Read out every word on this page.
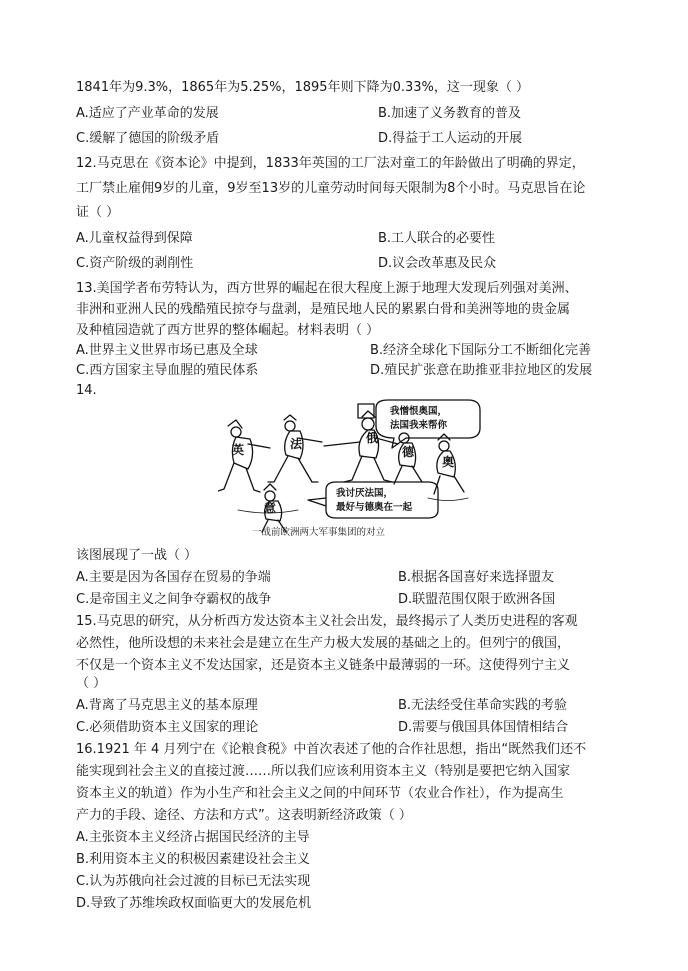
1841年为9.3%，1865年为5.25%，1895年则下降为0.33%，这一现象（ ）
A.适应了产业革命的发展	B.加速了义务教育的普及
C.缓解了德国的阶级矛盾	D.得益于工人运动的开展
12.马克思在《资本论》中提到，1833年英国的工厂法对童工的年龄做出了明确的界定，
工厂禁止雇佣9岁的儿童，9岁至13岁的儿童劳动时间每天限制为8个小时。马克思旨在论
证（ ）
A.儿童权益得到保障	B.工人联合的必要性
C.资产阶级的剥削性	D.议会改革惠及民众
13.美国学者布劳特认为，西方世界的崛起在很大程度上源于地理大发现后列强对美洲、
非洲和亚洲人民的残酷殖民掠夺与盘剥，是殖民地人民的累累白骨和美洲等地的贵金属
及种植园造就了西方世界的整体崛起。材料表明（ ）
A.世界主义世界市场已惠及全球	B.经济全球化下国际分工不断细化完善
C.西方国家主导血腥的殖民体系	D.殖民扩张意在助推亚非拉地区的发展
14.
英	法	俄
德
奥
意
我憎恨奥国，
法国我来帮你
我讨厌法国，
最好与德奥在一起
一战前欧洲两大军事集团的对立
该图展现了一战（ ）
A.主要是因为各国存在贸易的争端	B.根据各国喜好来选择盟友
C.是帝国主义之间争夺霸权的战争	D.联盟范围仅限于欧洲各国
15.马克思的研究，从分析西方发达资本主义社会出发，最终揭示了人类历史进程的客观
必然性，他所设想的未来社会是建立在生产力极大发展的基础之上的。但列宁的俄国，
不仅是一个资本主义不发达国家，还是资本主义链条中最薄弱的一环。这使得列宁主义
（ ）
A.背离了马克思主义的基本原理	B.无法经受住革命实践的考验
C.必须借助资本主义国家的理论	D.需要与俄国具体国情相结合
16.1921 年 4 月列宁在《论粮食税》中首次表述了他的合作社思想，指出“既然我们还不
能实现到社会主义的直接过渡……所以我们应该利用资本主义（特别是要把它纳入国家
资本主义的轨道）作为小生产和社会主义之间的中间环节（农业合作社），作为提高生
产力的手段、途径、方法和方式”。这表明新经济政策（ ）
A.主张资本主义经济占据国民经济的主导
B.利用资本主义的积极因素建设社会主义
C.认为苏俄向社会过渡的目标已无法实现
D.导致了苏维埃政权面临更大的发展危机
